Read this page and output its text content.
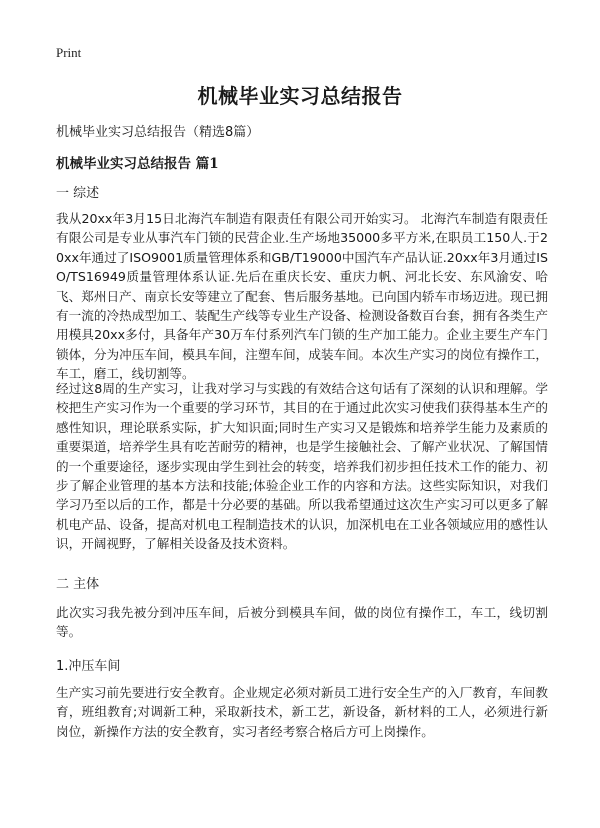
Print
机械毕业实习总结报告

机械毕业实习总结报告（精选8篇）

机械毕业实习总结报告 篇1
一 综述

我从20xx年3月15日北海汽车制造有限责任有限公司开始实习。 北海汽车制造有限责任有限公司是专业从事汽车门锁的民营企业.生产场地35000多平方米,在职员工150人.于20xx年通过了ISO9001质量管理体系和GB/T19000中国汽车产品认证.20xx年3月通过ISO/TS16949质量管理体系认证.先后在重庆长安、重庆力帆、河北长安、东风渝安、哈飞、郑州日产、南京长安等建立了配套、售后服务基地。已向国内轿车市场迈进。现已拥有一流的冷热成型加工、装配生产线等专业生产设备、检测设备数百台套，拥有各类生产用模具20xx多付，具备年产30万车付系列汽车门锁的生产加工能力。企业主要生产车门锁体，分为冲压车间，模具车间，注塑车间，成装车间。本次生产实习的岗位有操作工，车工，磨工，线切割等。

经过这8周的生产实习，让我对学习与实践的有效结合这句话有了深刻的认识和理解。学校把生产实习作为一个重要的学习环节，其目的在于通过此次实习使我们获得基本生产的感性知识，理论联系实际，扩大知识面;同时生产实习又是锻炼和培养学生能力及素质的重要渠道，培养学生具有吃苦耐劳的精神，也是学生接触社会、了解产业状况、了解国情的一个重要途径，逐步实现由学生到社会的转变，培养我们初步担任技术工作的能力、初步了解企业管理的基本方法和技能;体验企业工作的内容和方法。这些实际知识，对我们学习乃至以后的工作，都是十分必要的基础。所以我希望通过这次生产实习可以更多了解机电产品、设备，提高对机电工程制造技术的认识，加深机电在工业各领域应用的感性认识，开阔视野，了解相关设备及技术资料。

二 主体

此次实习我先被分到冲压车间，后被分到模具车间，做的岗位有操作工，车工，线切割等。

1.冲压车间

生产实习前先要进行安全教育。企业规定必须对新员工进行安全生产的入厂教育，车间教育，班组教育;对调新工种，采取新技术，新工艺，新设备，新材料的工人，必须进行新岗位，新操作方法的安全教育，实习者经考察合格后方可上岗操作。
